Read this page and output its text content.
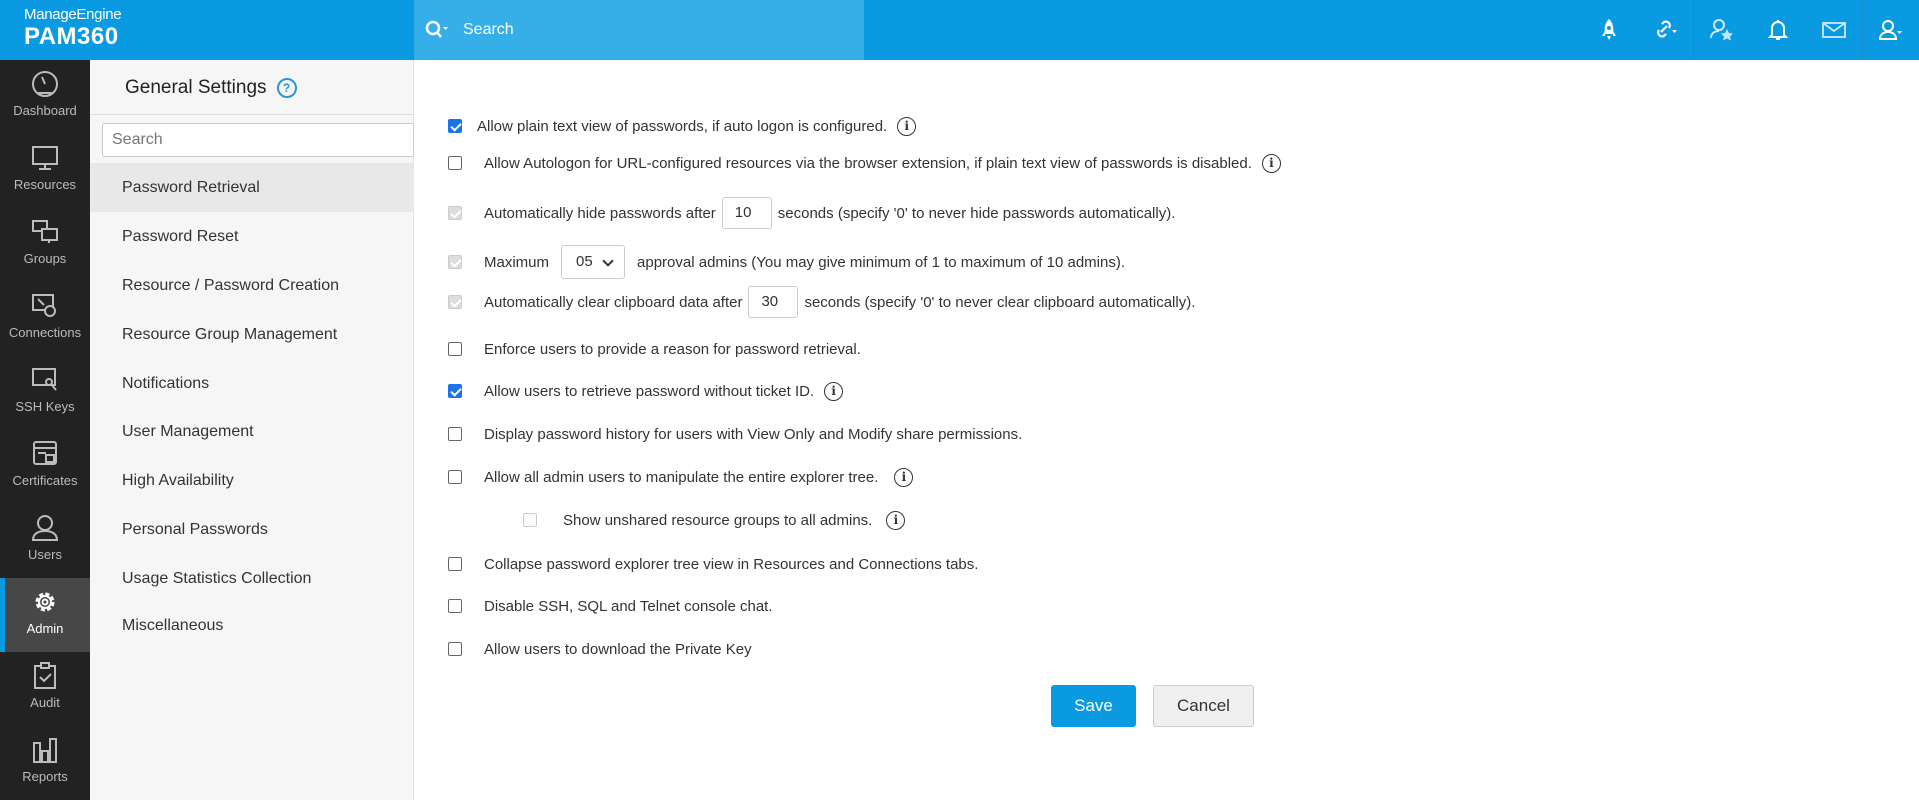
ManageEngine
PAM360	Search
Dashboard
Resources
Groups
Connections
SSH Keys
Certificates
Users
Admin
Audit
Reports
General Settings	?
Search
Password Retrieval
Password Reset
Resource / Password Creation
Resource Group Management
Notifications
User Management
High Availability
Personal Passwords
Usage Statistics Collection
Miscellaneous
Allow plain text view of passwords, if auto logon is configured.	i
Allow Autologon for URL-configured resources via the browser extension, if plain text view of passwords is disabled.	i
Automatically hide passwords after	10	seconds (specify '0' to never hide passwords automatically).
Maximum	05	approval admins (You may give minimum of 1 to maximum of 10 admins).
Automatically clear clipboard data after	30	seconds (specify '0' to never clear clipboard automatically).
Enforce users to provide a reason for password retrieval.
Allow users to retrieve password without ticket ID.	i
Display password history for users with View Only and Modify share permissions.
Allow all admin users to manipulate the entire explorer tree.	i
Show unshared resource groups to all admins.	i
Collapse password explorer tree view in Resources and Connections tabs.
Disable SSH, SQL and Telnet console chat.
Allow users to download the Private Key
Save	Cancel
